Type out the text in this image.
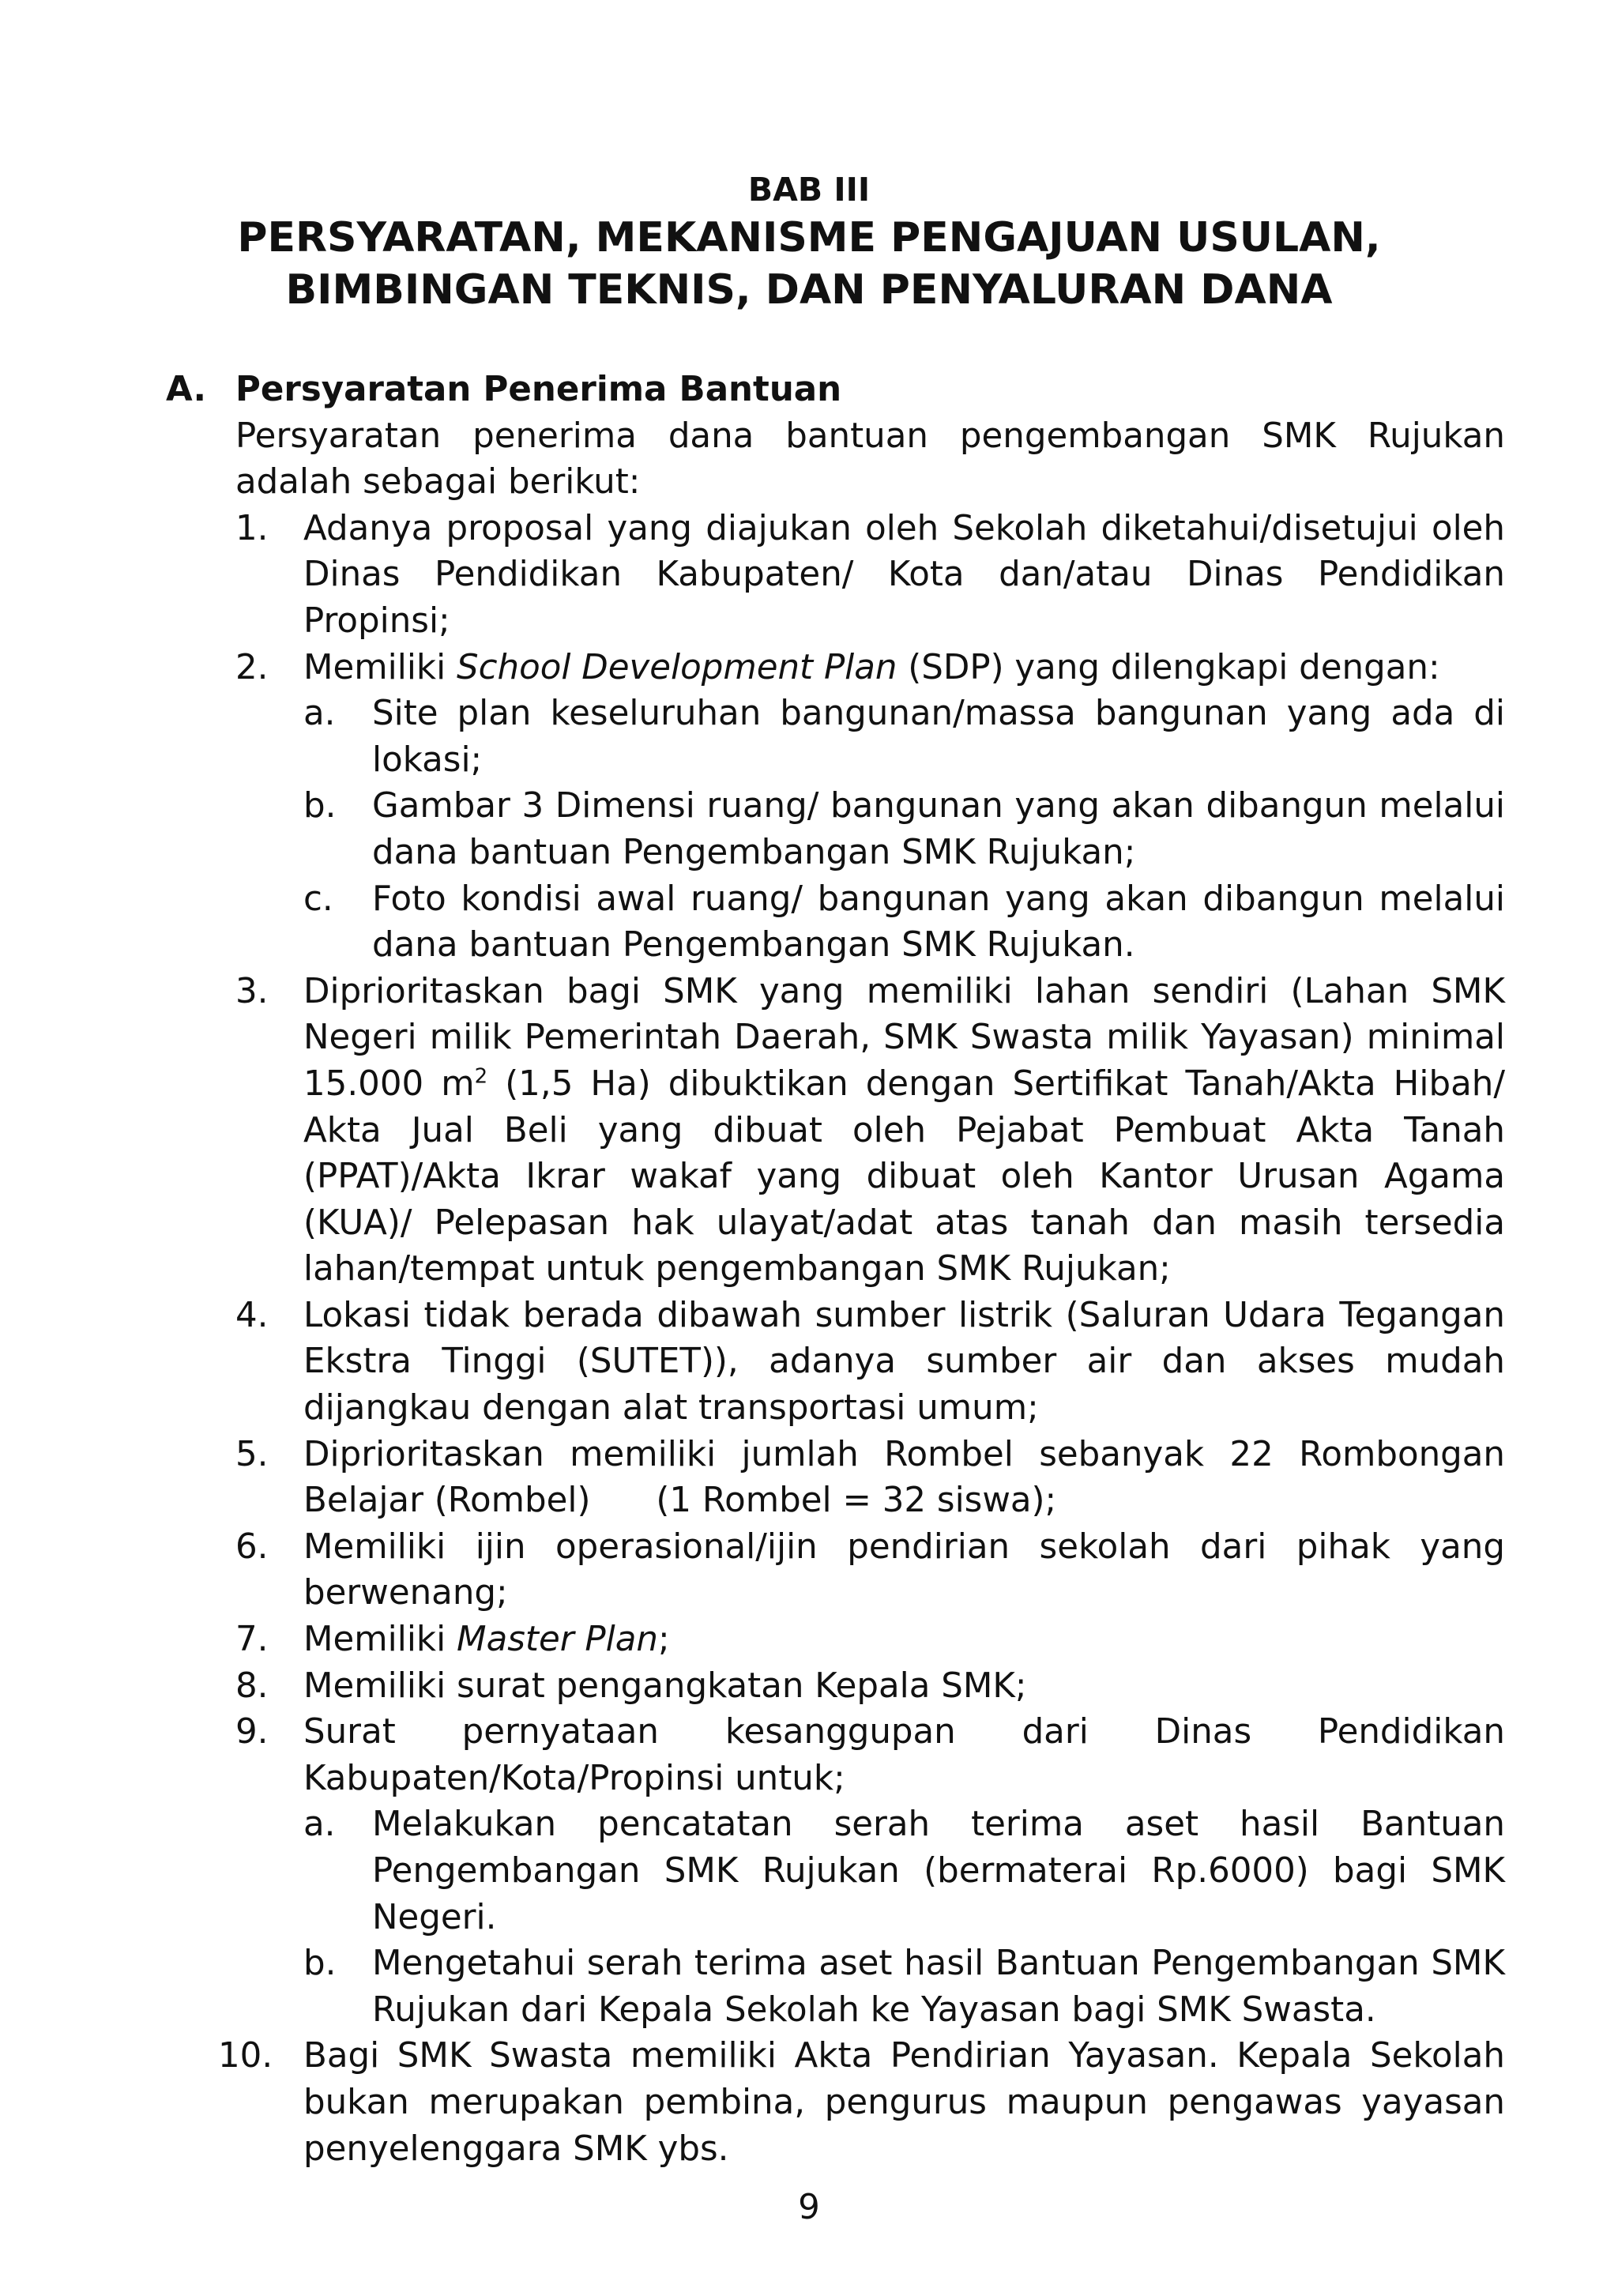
BAB III
PERSYARATAN, MEKANISME PENGAJUAN USULAN,
BIMBINGAN TEKNIS, DAN PENYALURAN DANA
A. Persyaratan Penerima Bantuan
Persyaratan penerima dana bantuan pengembangan SMK Rujukan adalah sebagai berikut:
1.	Adanya proposal yang diajukan oleh Sekolah diketahui/disetujui oleh Dinas Pendidikan Kabupaten/ Kota dan/atau Dinas Pendidikan Propinsi;
2.	Memiliki School Development Plan (SDP) yang dilengkapi dengan:
a.	Site plan keseluruhan bangunan/massa bangunan yang ada di lokasi;
b.	Gambar 3 Dimensi ruang/ bangunan yang akan dibangun melalui dana bantuan Pengembangan SMK Rujukan;
c.	Foto kondisi awal ruang/ bangunan yang akan dibangun melalui dana bantuan Pengembangan SMK Rujukan.
3.	Diprioritaskan bagi SMK yang memiliki lahan sendiri (Lahan SMK Negeri milik Pemerintah Daerah, SMK Swasta milik Yayasan) minimal 15.000 $m^2$ (1,5 Ha) dibuktikan dengan Sertifikat Tanah/Akta Hibah/ Akta Jual Beli yang dibuat oleh Pejabat Pembuat Akta Tanah (PPAT)/Akta Ikrar wakaf yang dibuat oleh Kantor Urusan Agama (KUA)/ Pelepasan hak ulayat/adat atas tanah dan masih tersedia lahan/tempat untuk pengembangan SMK Rujukan;
4.	Lokasi tidak berada dibawah sumber listrik (Saluran Udara Tegangan Ekstra Tinggi (SUTET)), adanya sumber air dan akses mudah dijangkau dengan alat transportasi umum;
5.	Diprioritaskan memiliki jumlah Rombel sebanyak 22 Rombongan Belajar (Rombel)      (1 Rombel = 32 siswa);
6.	Memiliki ijin operasional/ijin pendirian sekolah dari pihak yang berwenang;
7.	Memiliki Master Plan;
8.	Memiliki surat pengangkatan Kepala SMK;
9.	Surat pernyataan kesanggupan dari Dinas Pendidikan
Kabupaten/Kota/Propinsi untuk;
a.	Melakukan pencatatan serah terima aset hasil Bantuan Pengembangan SMK Rujukan (bermaterai Rp.6000) bagi SMK Negeri.
b.	Mengetahui serah terima aset hasil Bantuan Pengembangan SMK Rujukan dari Kepala Sekolah ke Yayasan bagi SMK Swasta.
10. Bagi SMK Swasta memiliki Akta Pendirian Yayasan. Kepala Sekolah bukan merupakan pembina, pengurus maupun pengawas yayasan penyelenggara SMK ybs.
9
